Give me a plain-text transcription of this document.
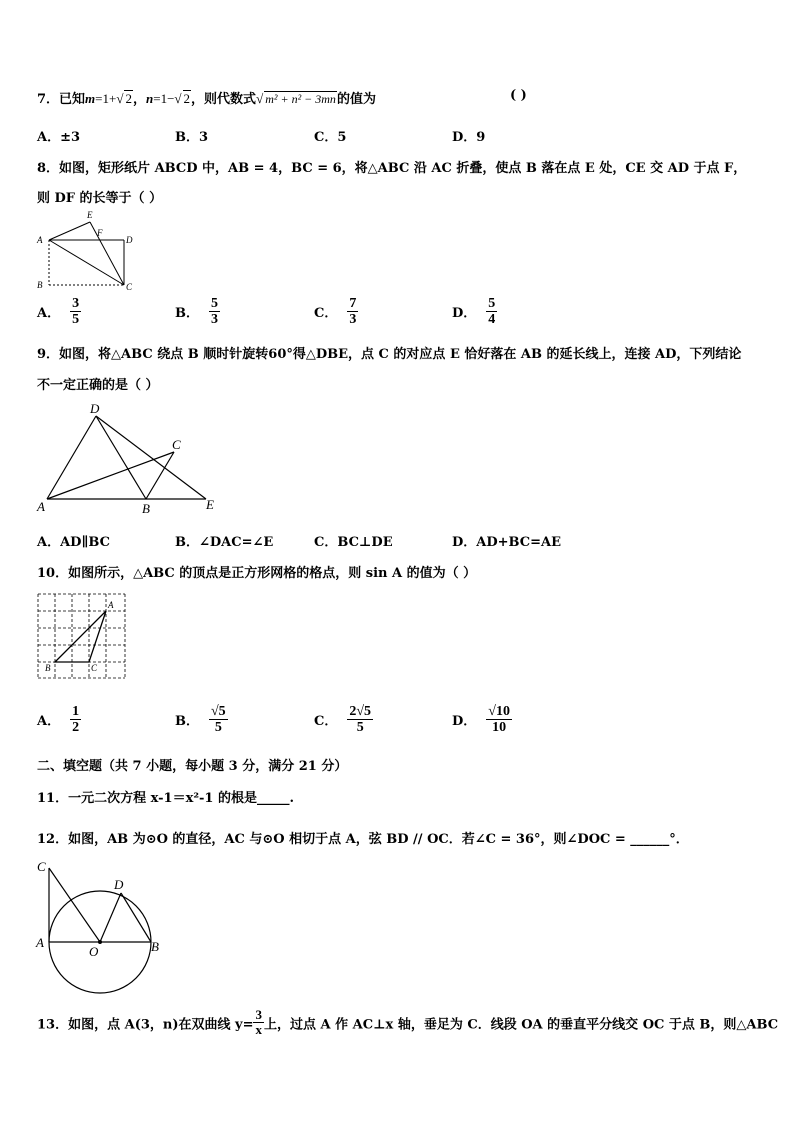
7．已知m=1+√ 2，n=1−√ 2，则代数式√ m² + n² − 3mn的值为	( )
A．±3	B．3	C．5	D．9
8．如图，矩形纸片 ABCD 中，AB = 4，BC = 6，将△ABC 沿 AC 折叠，使点 B 落在点 E 处，CE 交 AD 于点 F，
则 DF 的长等于（ ）
A
B	C
D
E
F
A． $\frac{3}{5}$	B． $\frac{5}{3}$	C． $\frac{7}{3}$	D． $\frac{5}{4}$
9．如图，将△ABC 绕点 B 顺时针旋转60°得△DBE，点 C 的对应点 E 恰好落在 AB 的延长线上，连接 AD，下列结论
不一定正确的是（ ）
D
C
A	B	E
A．AD∥BC	B．∠DAC=∠E	C．BC⊥DE	D．AD+BC=AE
10．如图所示，△ABC 的顶点是正方形网格的格点，则 sin A 的值为（ ）
A
B	C
A． $\frac{1}{2}$	B． $\frac{√5}{5}$	C． $\frac{2√5}{5}$	D． $\frac{√10}{10}$
二、填空题（共 7 小题，每小题 3 分，满分 21 分）
11．一元二次方程 x-1＝x²-1 的根是_____.
12．如图，AB 为⊙O 的直径，AC 与⊙O 相切于点 A，弦 BD // OC．若∠C = 36°，则∠DOC = ______°．
C
D
A
O	B
13．如图，点 A(3，n)在双曲线 $y= \frac{3}{x}$ 上，过点 A 作 AC⊥x 轴，垂足为 C．线段 OA 的垂直平分线交 OC 于点 B，则△ABC
